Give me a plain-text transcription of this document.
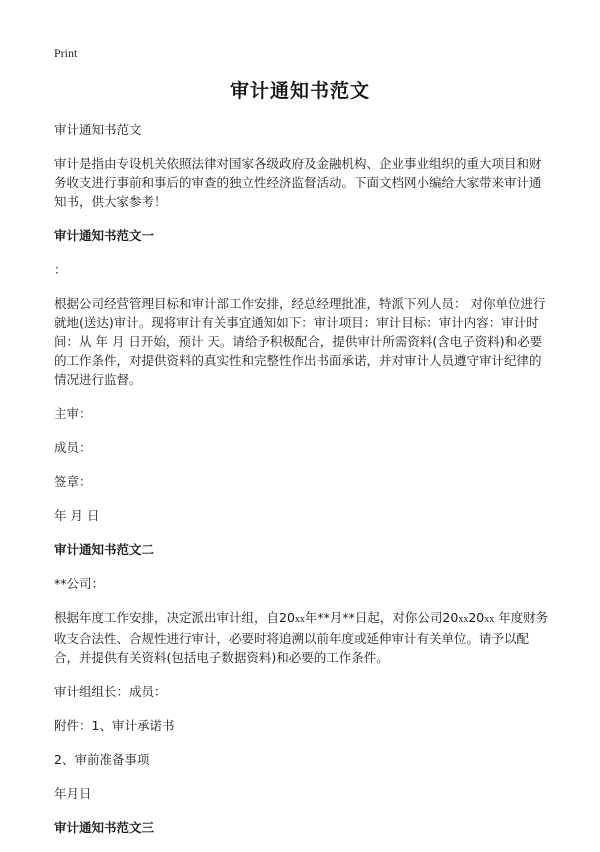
Print
审计通知书范文

审计通知书范文

审计是指由专设机关依照法律对国家各级政府及金融机构、企业事业组织的重大项目和财务收支进行事前和事后的审查的独立性经济监督活动。下面文档网小编给大家带来审计通知书，供大家参考！

审计通知书范文一

：

根据公司经营管理目标和审计部工作安排，经总经理批准，特派下列人员： 对你单位进行就地(送达)审计。现将审计有关事宜通知如下：审计项目：审计目标：审计内容：审计时间：从 年 月 日开始，预计 天。请给予积极配合，提供审计所需资料(含电子资料)和必要的工作条件，对提供资料的真实性和完整性作出书面承诺，并对审计人员遵守审计纪律的情况进行监督。

主审：

成员：

签章：

年 月 日

审计通知书范文二

**公司：

根据年度工作安排，决定派出审计组，自20xx年**月**日起，对你公司20xx20xx 年度财务收支合法性、合规性进行审计，必要时将追溯以前年度或延伸审计有关单位。请予以配合，并提供有关资料(包括电子数据资料)和必要的工作条件。

审计组组长：成员：

附件：1、审计承诺书

2、审前准备事项

年月日

审计通知书范文三
